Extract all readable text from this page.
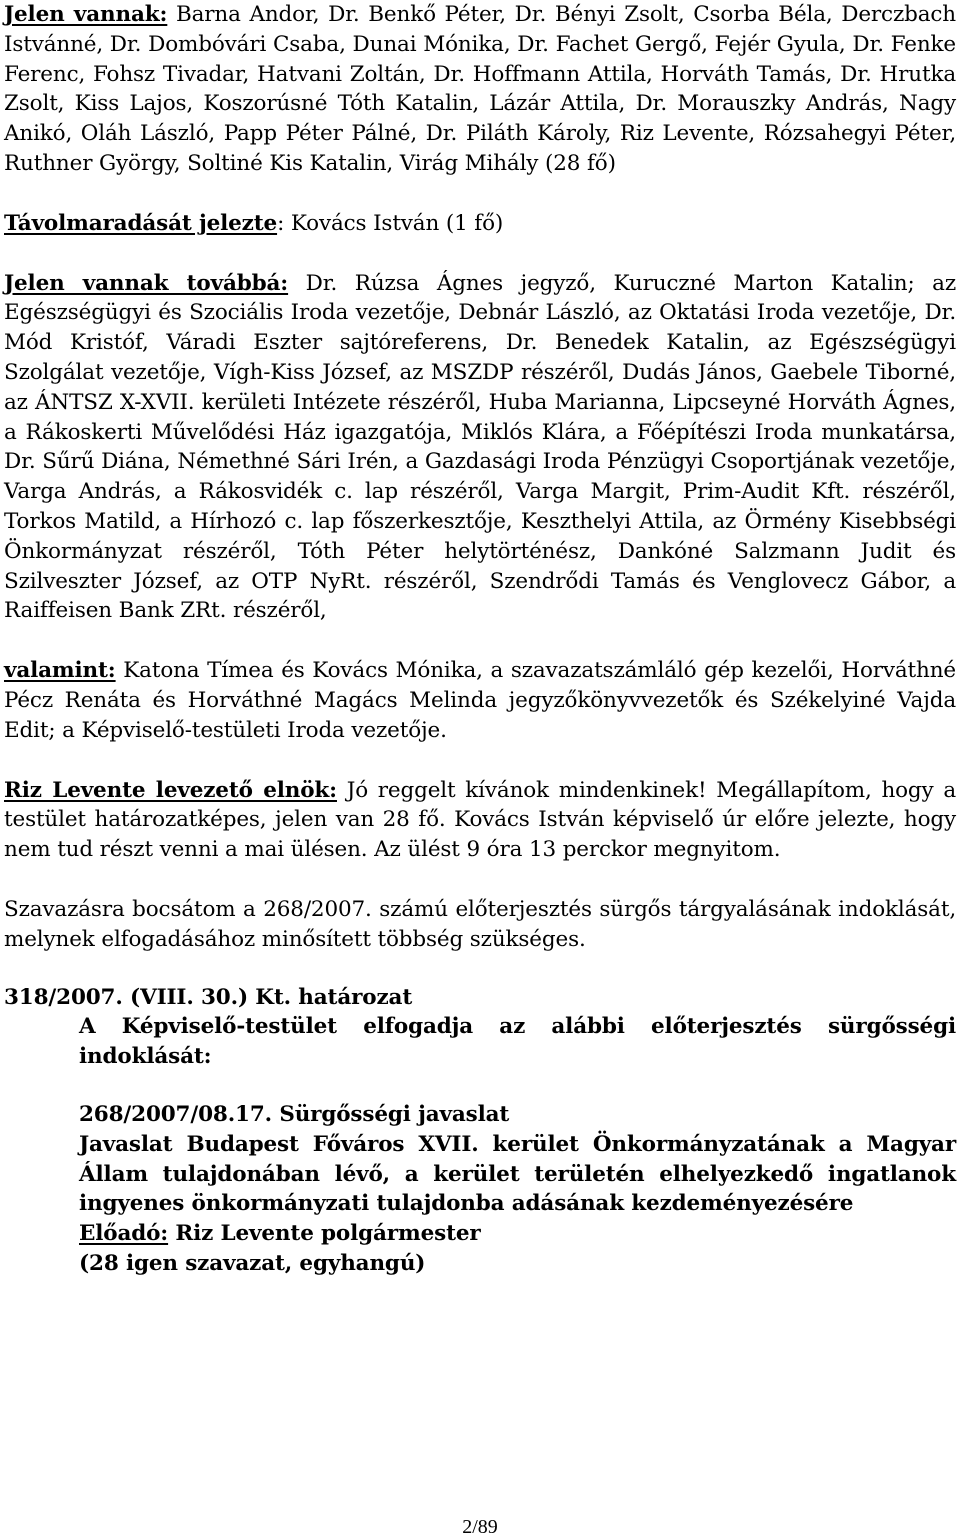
Jelen vannak: Barna Andor, Dr. Benkő Péter, Dr. Bényi Zsolt, Csorba Béla, Derczbach Istvánné, Dr. Dombóvári Csaba, Dunai Mónika, Dr. Fachet Gergő, Fejér Gyula, Dr. Fenke Ferenc, Fohsz Tivadar, Hatvani Zoltán, Dr. Hoffmann Attila, Horváth Tamás, Dr. Hrutka Zsolt, Kiss Lajos, Koszorúsné Tóth Katalin, Lázár Attila, Dr. Morauszky András, Nagy Anikó, Oláh László, Papp Péter Pálné, Dr. Piláth Károly, Riz Levente, Rózsahegyi Péter, Ruthner György, Soltiné Kis Katalin, Virág Mihály (28 fő)

Távolmaradását jelezte: Kovács István (1 fő)

Jelen vannak továbbá: Dr. Rúzsa Ágnes jegyző, Kuruczné Marton Katalin; az Egészségügyi és Szociális Iroda vezetője, Debnár László, az Oktatási Iroda vezetője, Dr. Mód Kristóf, Váradi Eszter sajtóreferens, Dr. Benedek Katalin, az Egészségügyi Szolgálat vezetője, Vígh-Kiss József, az MSZDP részéről, Dudás János, Gaebele Tiborné, az ÁNTSZ X-XVII. kerületi Intézete részéről, Huba Marianna, Lipcseyné Horváth Ágnes, a Rákoskerti Művelődési Ház igazgatója, Miklós Klára, a Főépítészi Iroda munkatársa, Dr. Sűrű Diána, Némethné Sári Irén, a Gazdasági Iroda Pénzügyi Csoportjának vezetője, Varga András, a Rákosvidék c. lap részéről, Varga Margit, Prim-Audit Kft. részéről, Torkos Matild, a Hírhozó c. lap főszerkesztője, Keszthelyi Attila, az Örmény Kisebbségi Önkormányzat részéről, Tóth Péter helytörténész, Dankóné Salzmann Judit és Szilveszter József, az OTP NyRt. részéről, Szendrődi Tamás és Venglovecz Gábor, a Raiffeisen Bank ZRt. részéről,

valamint: Katona Tímea és Kovács Mónika, a szavazatszámláló gép kezelői, Horváthné Pécz Renáta és Horváthné Magács Melinda jegyzőkönyvvezetők és Székelyiné Vajda Edit; a Képviselő-testületi Iroda vezetője.

Riz Levente levezető elnök: Jó reggelt kívánok mindenkinek! Megállapítom, hogy a testület határozatképes, jelen van 28 fő. Kovács István képviselő úr előre jelezte, hogy nem tud részt venni a mai ülésen. Az ülést 9 óra 13 perckor megnyitom.

Szavazásra bocsátom a 268/2007. számú előterjesztés sürgős tárgyalásának indoklását, melynek elfogadásához minősített többség szükséges.

318/2007. (VIII. 30.) Kt. határozat

A Képviselő-testület elfogadja az alábbi előterjesztés sürgősségi indoklását:

268/2007/08.17. Sürgősségi javaslat

Javaslat Budapest Főváros XVII. kerület Önkormányzatának a Magyar Állam tulajdonában lévő, a kerület területén elhelyezkedő ingatlanok ingyenes önkormányzati tulajdonba adásának kezdeményezésére

Előadó: Riz Levente polgármester

(28 igen szavazat, egyhangú)

2/89
